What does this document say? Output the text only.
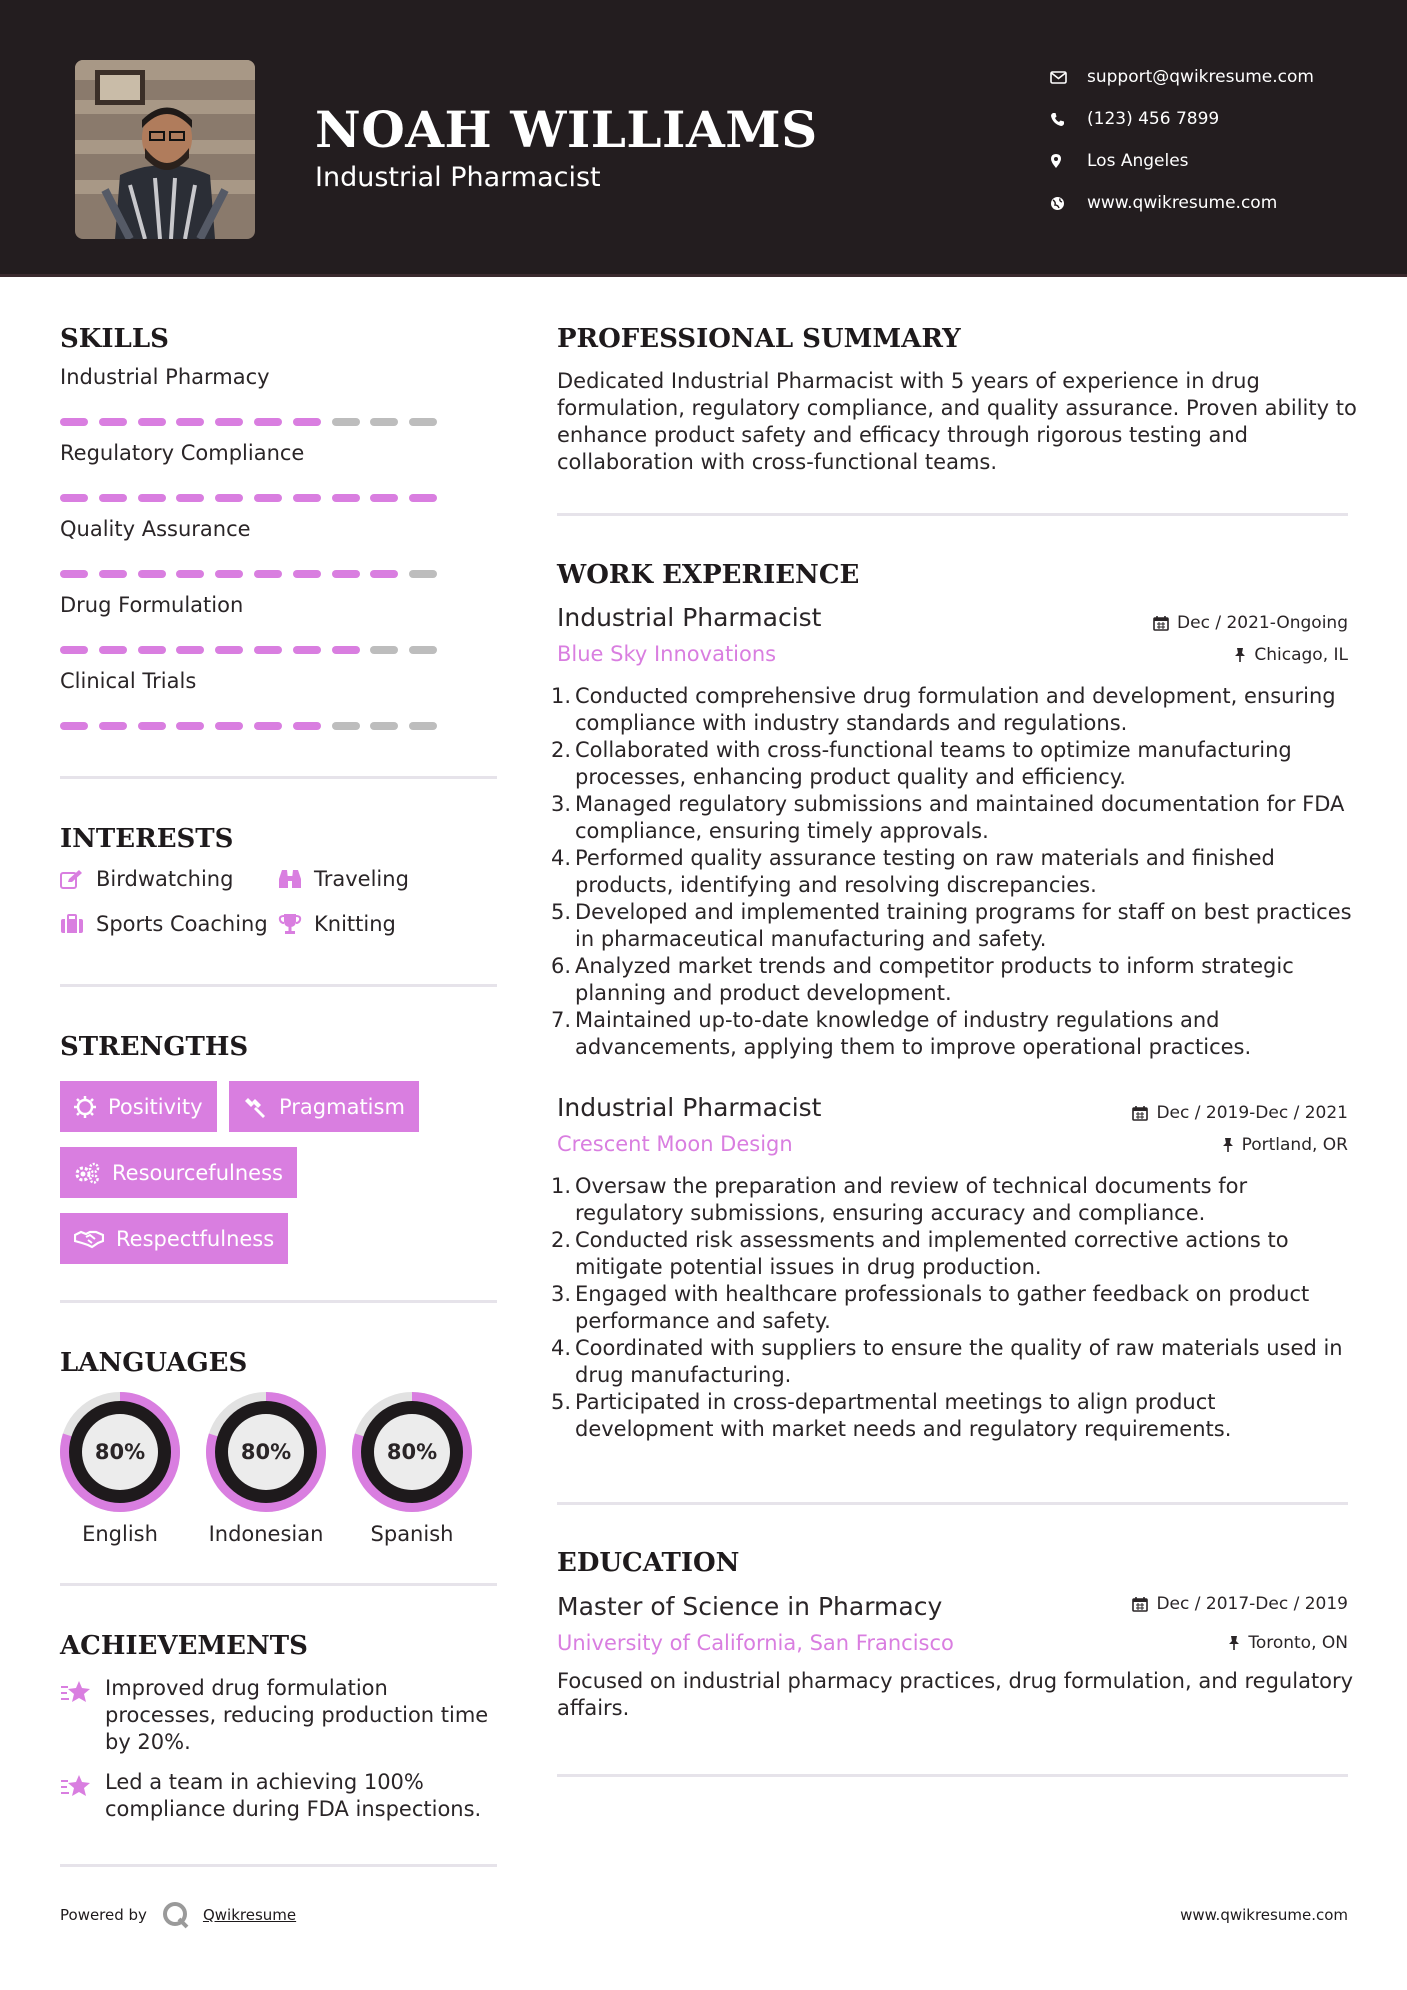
NOAH WILLIAMS
Industrial Pharmacist
support@qwikresume.com
(123) 456 7899
Los Angeles
www.qwikresume.com
SKILLS
Industrial Pharmacy
Regulatory Compliance
Quality Assurance
Drug Formulation
Clinical Trials
INTERESTS
Birdwatching	Traveling
Sports Coaching Knitting
STRENGTHS
Positivity	Pragmatism
Resourcefulness
Respectfulness
LANGUAGES
80%
English
80%
Indonesian
80%
Spanish
ACHIEVEMENTS
Improved drug formulation processes, reducing production time by 20%.
Led a team in achieving 100% compliance during FDA inspections.
PROFESSIONAL SUMMARY
Dedicated Industrial Pharmacist with 5 years of experience in drug formulation, regulatory compliance, and quality assurance. Proven ability to enhance product safety and efficacy through rigorous testing and collaboration with cross-functional teams.
WORK EXPERIENCE
Industrial Pharmacist	Dec / 2021-Ongoing
Blue Sky Innovations	Chicago, IL
1. Conducted comprehensive drug formulation and development, ensuring compliance with industry standards and regulations.
2. Collaborated with cross-functional teams to optimize manufacturing processes, enhancing product quality and efficiency.
3. Managed regulatory submissions and maintained documentation for FDA compliance, ensuring timely approvals.
4. Performed quality assurance testing on raw materials and finished products, identifying and resolving discrepancies.
5. Developed and implemented training programs for staff on best practices in pharmaceutical manufacturing and safety.
6. Analyzed market trends and competitor products to inform strategic planning and product development.
7. Maintained up-to-date knowledge of industry regulations and advancements, applying them to improve operational practices.
Industrial Pharmacist	Dec / 2019-Dec / 2021
Crescent Moon Design	Portland, OR
1. Oversaw the preparation and review of technical documents for regulatory submissions, ensuring accuracy and compliance.
2. Conducted risk assessments and implemented corrective actions to mitigate potential issues in drug production.
3. Engaged with healthcare professionals to gather feedback on product performance and safety.
4. Coordinated with suppliers to ensure the quality of raw materials used in drug manufacturing.
5. Participated in cross-departmental meetings to align product development with market needs and regulatory requirements.
EDUCATION
Master of Science in Pharmacy	Dec / 2017-Dec / 2019
University of California, San Francisco	Toronto, ON
Focused on industrial pharmacy practices, drug formulation, and regulatory affairs.
Powered by	Qwikresume	www.qwikresume.com
